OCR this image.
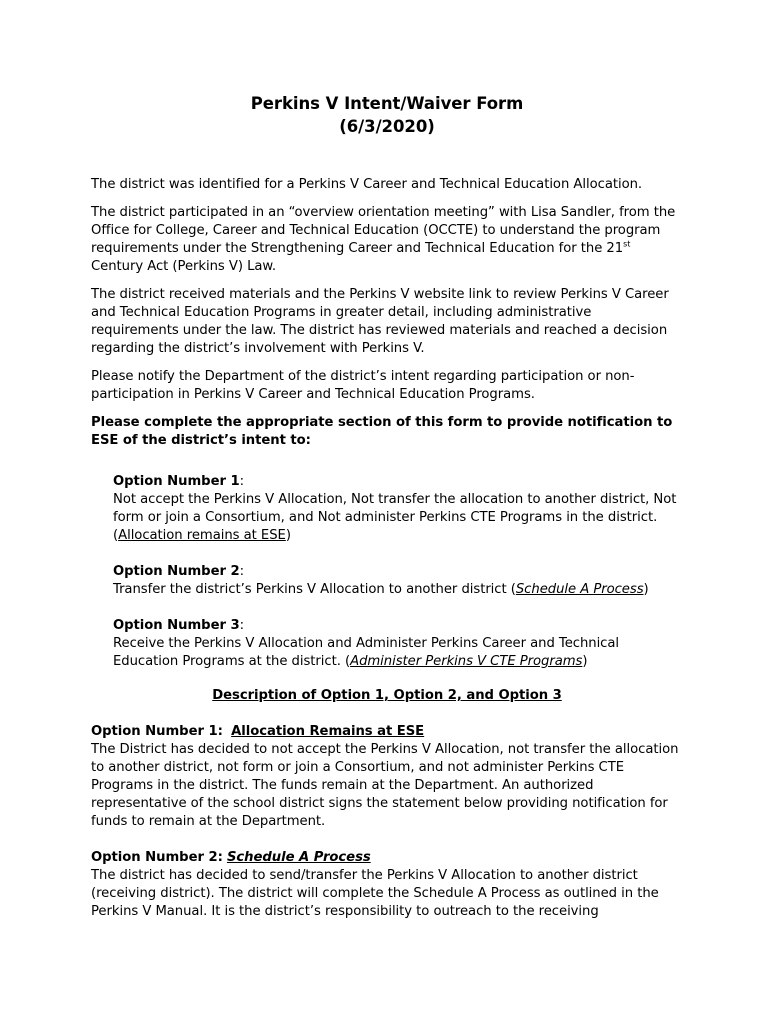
Perkins V Intent/Waiver Form

(6/3/2020)

The district was identified for a Perkins V Career and Technical Education Allocation.

The district participated in an “overview orientation meeting” with Lisa Sandler, from the Office for College, Career and Technical Education (OCCTE) to understand the program requirements under the Strengthening Career and Technical Education for the 21st Century Act (Perkins V) Law.

The district received materials and the Perkins V website link to review Perkins V Career and Technical Education Programs in greater detail, including administrative requirements under the law. The district has reviewed materials and reached a decision regarding the district’s involvement with Perkins V.

Please notify the Department of the district’s intent regarding participation or non-participation in Perkins V Career and Technical Education Programs.

Please complete the appropriate section of this form to provide notification to ESE of the district’s intent to:

Option Number 1:
Not accept the Perkins V Allocation, Not transfer the allocation to another district, Not form or join a Consortium, and Not administer Perkins CTE Programs in the district. (Allocation remains at ESE)
Option Number 2:
Transfer the district’s Perkins V Allocation to another district (Schedule A Process)
Option Number 3:
Receive the Perkins V Allocation and Administer Perkins Career and Technical Education Programs at the district. (Administer Perkins V CTE Programs)

Description of Option 1, Option 2, and Option 3

Option Number 1: Allocation Remains at ESE
The District has decided to not accept the Perkins V Allocation, not transfer the allocation to another district, not form or join a Consortium, and not administer Perkins CTE Programs in the district. The funds remain at the Department. An authorized representative of the school district signs the statement below providing notification for funds to remain at the Department.
Option Number 2: Schedule A Process
The district has decided to send/transfer the Perkins V Allocation to another district (receiving district). The district will complete the Schedule A Process as outlined in the Perkins V Manual. It is the district’s responsibility to outreach to the receiving
